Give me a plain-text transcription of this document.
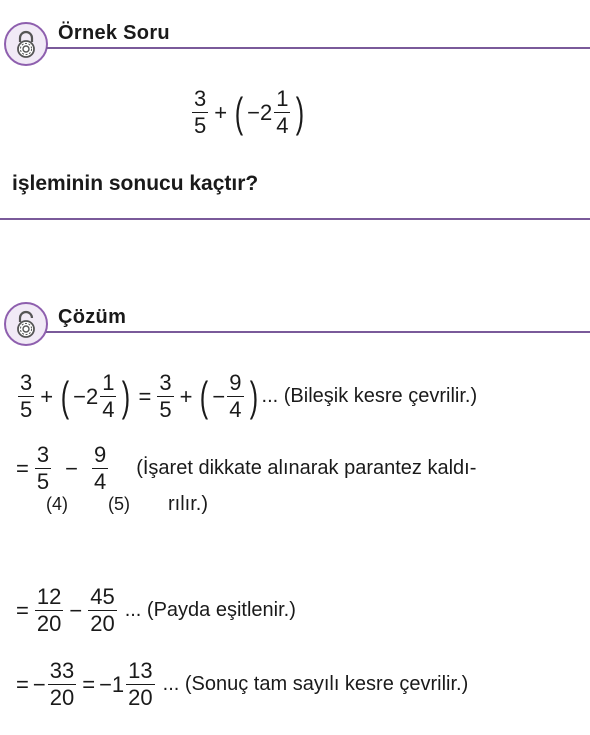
Örnek Soru
$\frac{3}{5}$ + ( $-2 \frac{1}{4}$ )
işleminin sonucu kaçtır?
Çözüm
$\frac{3}{5}$ + ( $-2 \frac{1}{4}$ ) = $\frac{3}{5}$ + ( − $\frac{9}{4}$ ) ... (Bileşik kesre çevrilir.)
= $\frac{3}{5} - \frac{9}{4}$ (İşaret dikkate alınarak parantez kaldı-
(4) (5) rılır.)
= $\frac{12}{20} - \frac{45}{20}$ ... (Payda eşitlenir.)
= − $\frac{33}{20} = -1 \frac{13}{20}$ ... (Sonuç tam sayılı kesre çevrilir.)
